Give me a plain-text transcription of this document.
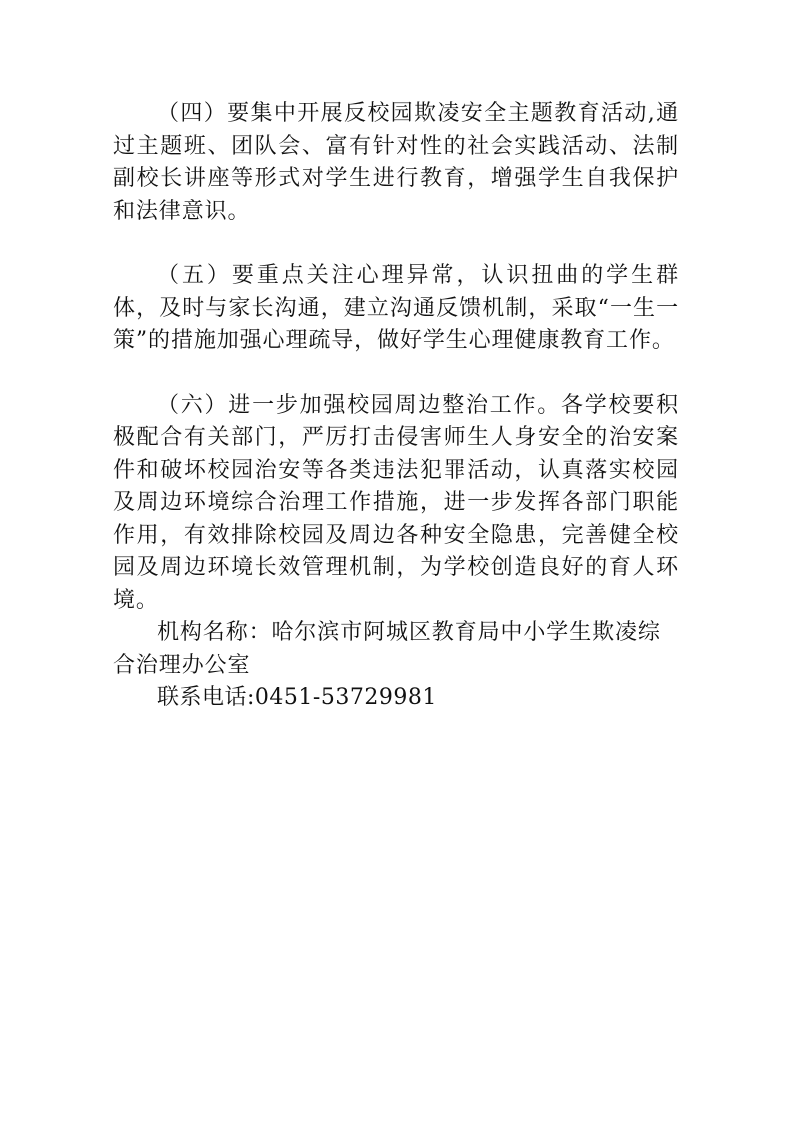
（四）要集中开展反校园欺凌安全主题教育活动,通过主题班、团队会、富有针对性的社会实践活动、法制副校长讲座等形式对学生进行教育，增强学生自我保护和法律意识。

（五）要重点关注心理异常，认识扭曲的学生群体，及时与家长沟通，建立沟通反馈机制，采取“一生一策”的措施加强心理疏导，做好学生心理健康教育工作。

（六）进一步加强校园周边整治工作。各学校要积极配合有关部门，严厉打击侵害师生人身安全的治安案件和破坏校园治安等各类违法犯罪活动，认真落实校园及周边环境综合治理工作措施，进一步发挥各部门职能作用，有效排除校园及周边各种安全隐患，完善健全校园及周边环境长效管理机制，为学校创造良好的育人环境。

机构名称：哈尔滨市阿城区教育局中小学生欺凌综合治理办公室

联系电话:0451-53729981
